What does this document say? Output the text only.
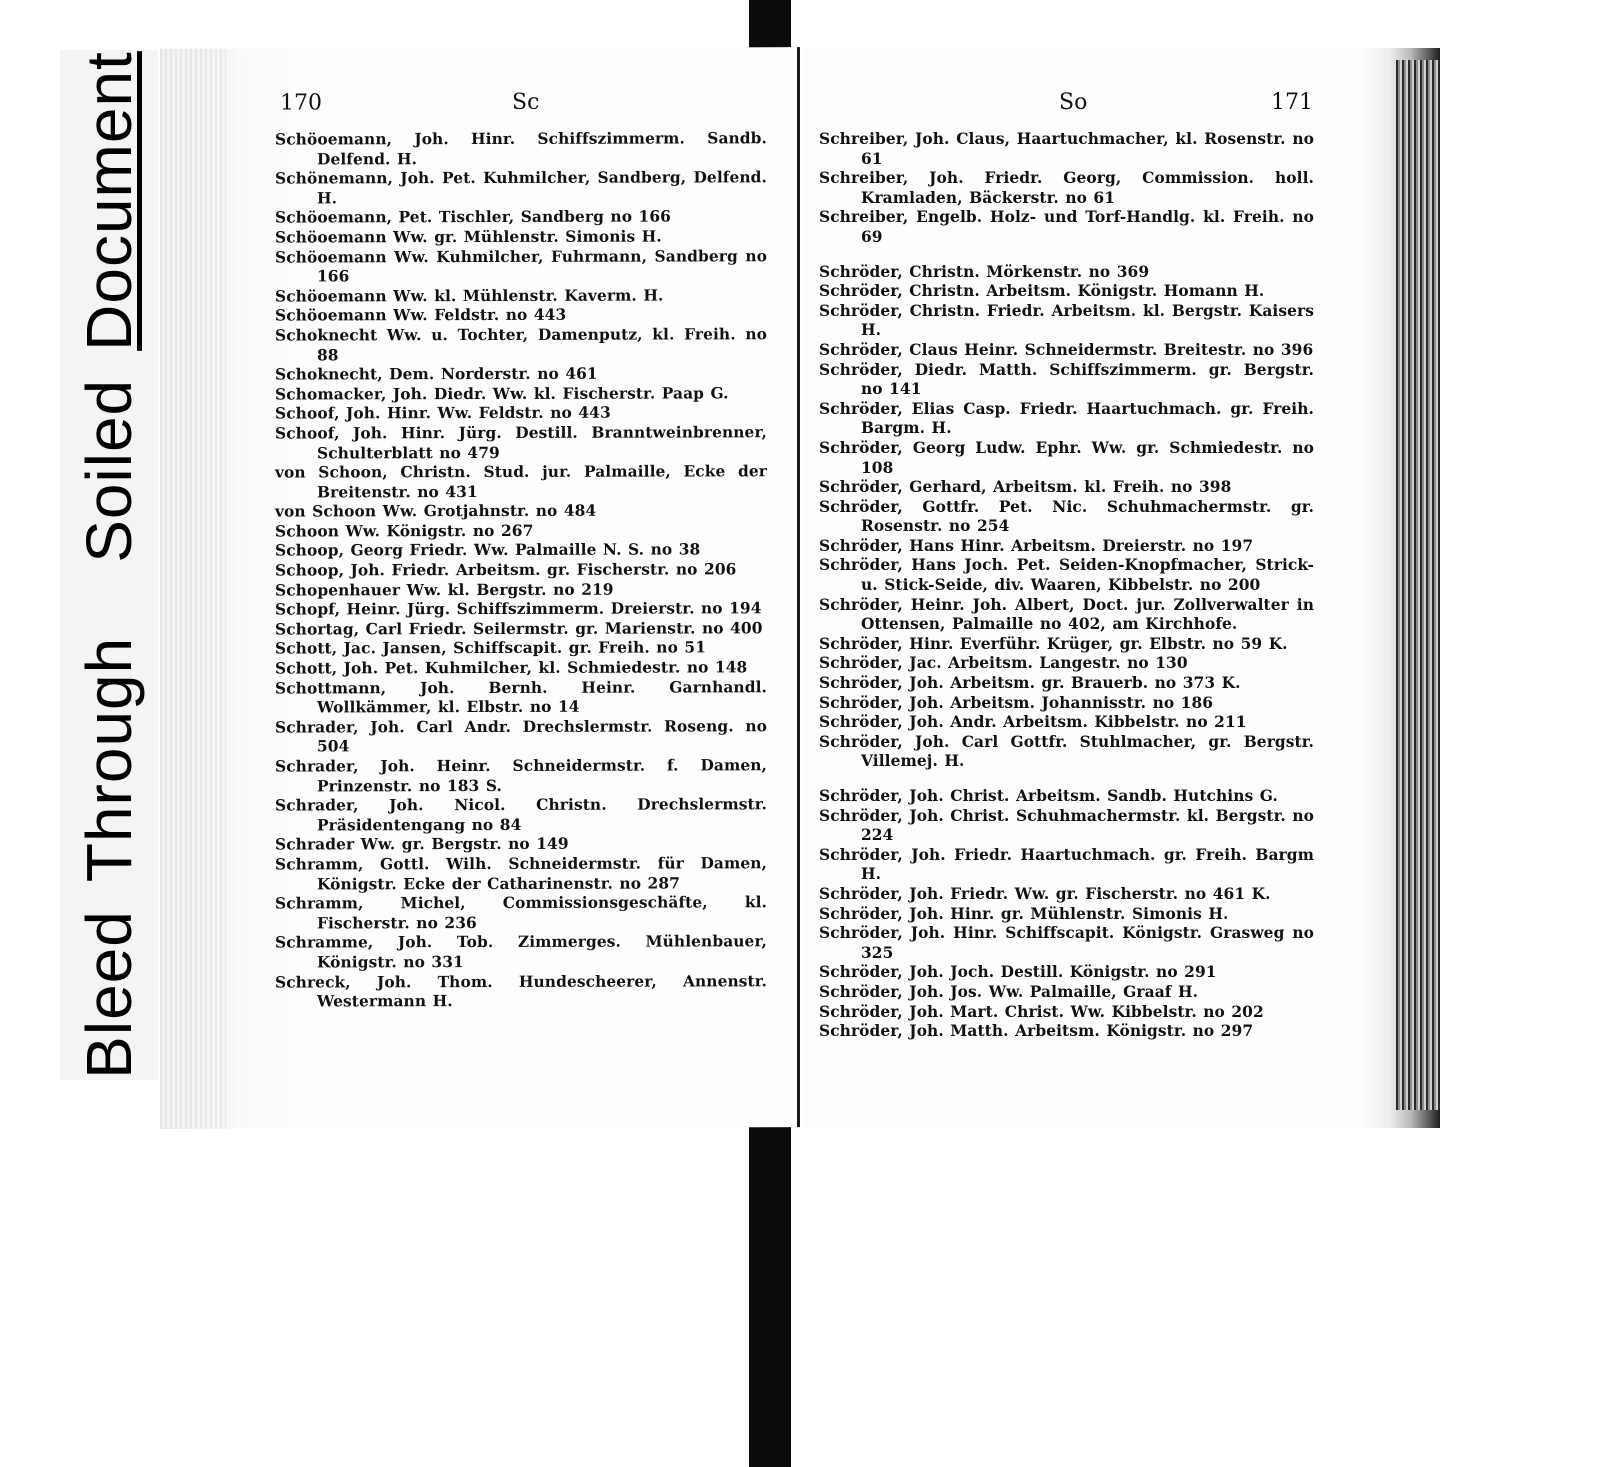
Bleed
Through
Soiled
Document	170	Sc

Schöoemann, Joh. Hinr. Schiffszimmerm. Sandb. Delfend. H.

Schönemann, Joh. Pet. Kuhmilcher, Sandberg, Delfend. H.

Schöoemann, Pet. Tischler, Sandberg no 166

Schöoemann Ww. gr. Mühlenstr. Simonis H.

Schöoemann Ww. Kuhmilcher, Fuhrmann, Sandberg no 166

Schöoemann Ww. kl. Mühlenstr. Kaverm. H.

Schöoemann Ww. Feldstr. no 443

Schoknecht Ww. u. Tochter, Damenputz, kl. Freih. no 88

Schoknecht, Dem. Norderstr. no 461

Schomacker, Joh. Diedr. Ww. kl. Fischerstr. Paap G.

Schoof, Joh. Hinr. Ww. Feldstr. no 443

Schoof, Joh. Hinr. Jürg. Destill. Branntweinbrenner, Schulterblatt no 479

von Schoon, Christn. Stud. jur. Palmaille, Ecke der Breitenstr. no 431

von Schoon Ww. Grotjahnstr. no 484

Schoon Ww. Königstr. no 267

Schoop, Georg Friedr. Ww. Palmaille N. S. no 38

Schoop, Joh. Friedr. Arbeitsm. gr. Fischerstr. no 206

Schopenhauer Ww. kl. Bergstr. no 219

Schopf, Heinr. Jürg. Schiffszimmerm. Dreierstr. no 194

Schortag, Carl Friedr. Seilermstr. gr. Marienstr. no 400

Schott, Jac. Jansen, Schiffscapit. gr. Freih. no 51

Schott, Joh. Pet. Kuhmilcher, kl. Schmiedestr. no 148

Schottmann, Joh. Bernh. Heinr. Garnhandl. Wollkämmer, kl. Elbstr. no 14

Schrader, Joh. Carl Andr. Drechslermstr. Roseng. no 504

Schrader, Joh. Heinr. Schneidermstr. f. Damen, Prinzenstr. no 183 S.

Schrader, Joh. Nicol. Christn. Drechslermstr. Präsidentengang no 84

Schrader Ww. gr. Bergstr. no 149

Schramm, Gottl. Wilh. Schneidermstr. für Damen, Königstr. Ecke der Catharinenstr. no 287

Schramm, Michel, Commissionsgeschäfte, kl. Fischerstr. no 236

Schramme, Joh. Tob. Zimmerges. Mühlenbauer, Königstr. no 331

Schreck, Joh. Thom. Hundescheerer, Annenstr. Westermann H.

So	171

Schreiber, Joh. Claus, Haartuchmacher, kl. Rosenstr. no 61

Schreiber, Joh. Friedr. Georg, Commission. holl. Kramladen, Bäckerstr. no 61

Schreiber, Engelb. Holz- und Torf-Handlg. kl. Freih. no 69

Schröder, Christn. Mörkenstr. no 369

Schröder, Christn. Arbeitsm. Königstr. Homann H.

Schröder, Christn. Friedr. Arbeitsm. kl. Bergstr. Kaisers H.

Schröder, Claus Heinr. Schneidermstr. Breitestr. no 396

Schröder, Diedr. Matth. Schiffszimmerm. gr. Bergstr. no 141

Schröder, Elias Casp. Friedr. Haartuchmach. gr. Freih. Bargm. H.

Schröder, Georg Ludw. Ephr. Ww. gr. Schmiedestr. no 108

Schröder, Gerhard, Arbeitsm. kl. Freih. no 398

Schröder, Gottfr. Pet. Nic. Schuhmachermstr. gr. Rosenstr. no 254

Schröder, Hans Hinr. Arbeitsm. Dreierstr. no 197

Schröder, Hans Joch. Pet. Seiden-Knopfmacher, Strick- u. Stick-Seide, div. Waaren, Kibbelstr. no 200

Schröder, Heinr. Joh. Albert, Doct. jur. Zollverwalter in Ottensen, Palmaille no 402, am Kirchhofe.

Schröder, Hinr. Everführ. Krüger, gr. Elbstr. no 59 K.

Schröder, Jac. Arbeitsm. Langestr. no 130

Schröder, Joh. Arbeitsm. gr. Brauerb. no 373 K.

Schröder, Joh. Arbeitsm. Johannisstr. no 186

Schröder, Joh. Andr. Arbeitsm. Kibbelstr. no 211

Schröder, Joh. Carl Gottfr. Stuhlmacher, gr. Bergstr. Villemej. H.

Schröder, Joh. Christ. Arbeitsm. Sandb. Hutchins G.

Schröder, Joh. Christ. Schuhmachermstr. kl. Bergstr. no 224

Schröder, Joh. Friedr. Haartuchmach. gr. Freih. Bargm H.

Schröder, Joh. Friedr. Ww. gr. Fischerstr. no 461 K.

Schröder, Joh. Hinr. gr. Mühlenstr. Simonis H.

Schröder, Joh. Hinr. Schiffscapit. Königstr. Grasweg no 325

Schröder, Joh. Joch. Destill. Königstr. no 291

Schröder, Joh. Jos. Ww. Palmaille, Graaf H.

Schröder, Joh. Mart. Christ. Ww. Kibbelstr. no 202

Schröder, Joh. Matth. Arbeitsm. Königstr. no 297
